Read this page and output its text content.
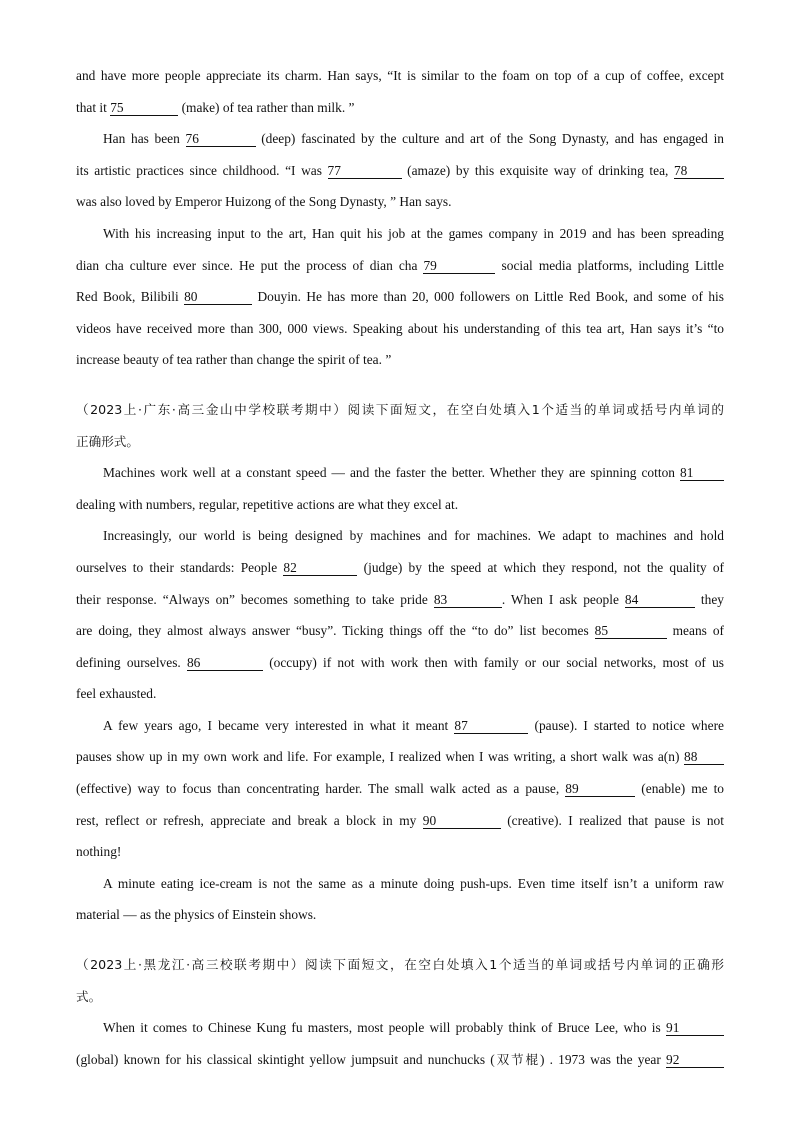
and have more people appreciate its charm. Han says, “It is similar to the foam on top of a cup of coffee, except
that it 75	(make) of tea rather than milk. ”
Han has been 76	(deep) fascinated by the culture and art of the Song Dynasty, and has engaged in
its artistic practices since childhood. “I was 77	(amaze) by this exquisite way of drinking tea, 78
was also loved by Emperor Huizong of the Song Dynasty, ” Han says.
With his increasing input to the art, Han quit his job at the games company in 2019 and has been spreading
dian cha culture ever since. He put the process of dian cha 79	social media platforms, including Little
Red Book, Bilibili 80	Douyin. He has more than 20, 000 followers on Little Red Book, and some of his
videos have received more than 300, 000 views. Speaking about his understanding of this tea art, Han says it’s “to
increase beauty of tea rather than change the spirit of tea. ”
（2023上·广东·高三金山中学校联考期中）阅读下面短文，在空白处填入1个适当的单词或括号内单词的
正确形式。
Machines work well at a constant speed — and the faster the better. Whether they are spinning cotton 81
dealing with numbers, regular, repetitive actions are what they excel at.
Increasingly, our world is being designed by machines and for machines. We adapt to machines and hold
ourselves to their standards: People 82	(judge) by the speed at which they respond, not the quality of
their response. “Always on” becomes something to take pride 83	. When I ask people 84	they
are doing, they almost always answer “busy”. Ticking things off the “to do” list becomes 85	means of
defining ourselves. 86	(occupy) if not with work then with family or our social networks, most of us
feel exhausted.
A few years ago, I became very interested in what it meant 87	(pause). I started to notice where
pauses show up in my own work and life. For example, I realized when I was writing, a short walk was a(n) 88
(effective) way to focus than concentrating harder. The small walk acted as a pause, 89	(enable) me to
rest, reflect or refresh, appreciate and break a block in my 90	(creative). I realized that pause is not
nothing!
A minute eating ice-cream is not the same as a minute doing push-ups. Even time itself isn’t a uniform raw
material — as the physics of Einstein shows.
（2023上·黑龙江·高三校联考期中）阅读下面短文，在空白处填入1个适当的单词或括号内单词的正确形
式。
When it comes to Chinese Kung fu masters, most people will probably think of Bruce Lee, who is 91
(global) known for his classical skintight yellow jumpsuit and nunchucks (双节棍) . 1973 was the year 92
